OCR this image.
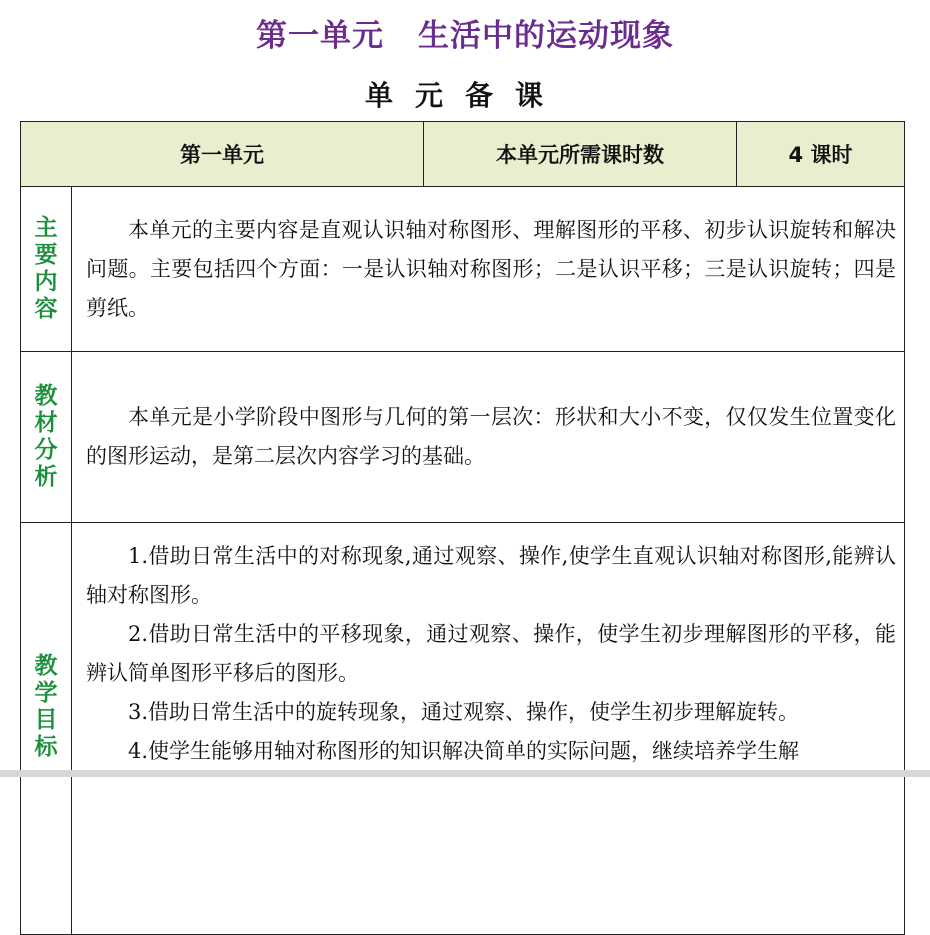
第一单元 生活中的运动现象
单元备课
第一单元		本单元所需课时数	4 课时
主要内容	本单元的主要内容是直观认识轴对称图形、理解图形的平移、初步认识旋转和解决问题。主要包括四个方面：一是认识轴对称图形；二是认识平移；三是认识旋转；四是剪纸。		

教材分析	本单元是小学阶段中图形与几何的第一层次：形状和大小不变，仅仅发生位置变化的图形运动，是第二层次内容学习的基础。		

教学目标	1.借助日常生活中的对称现象,通过观察、操作,使学生直观认识轴对称图形,能辨认轴对称图形。

2.借助日常生活中的平移现象，通过观察、操作，使学生初步理解图形的平移，能辨认简单图形平移后的图形。

3.借助日常生活中的旋转现象，通过观察、操作，使学生初步理解旋转。

4.使学生能够用轴对称图形的知识解决简单的实际问题，继续培养学生解		
